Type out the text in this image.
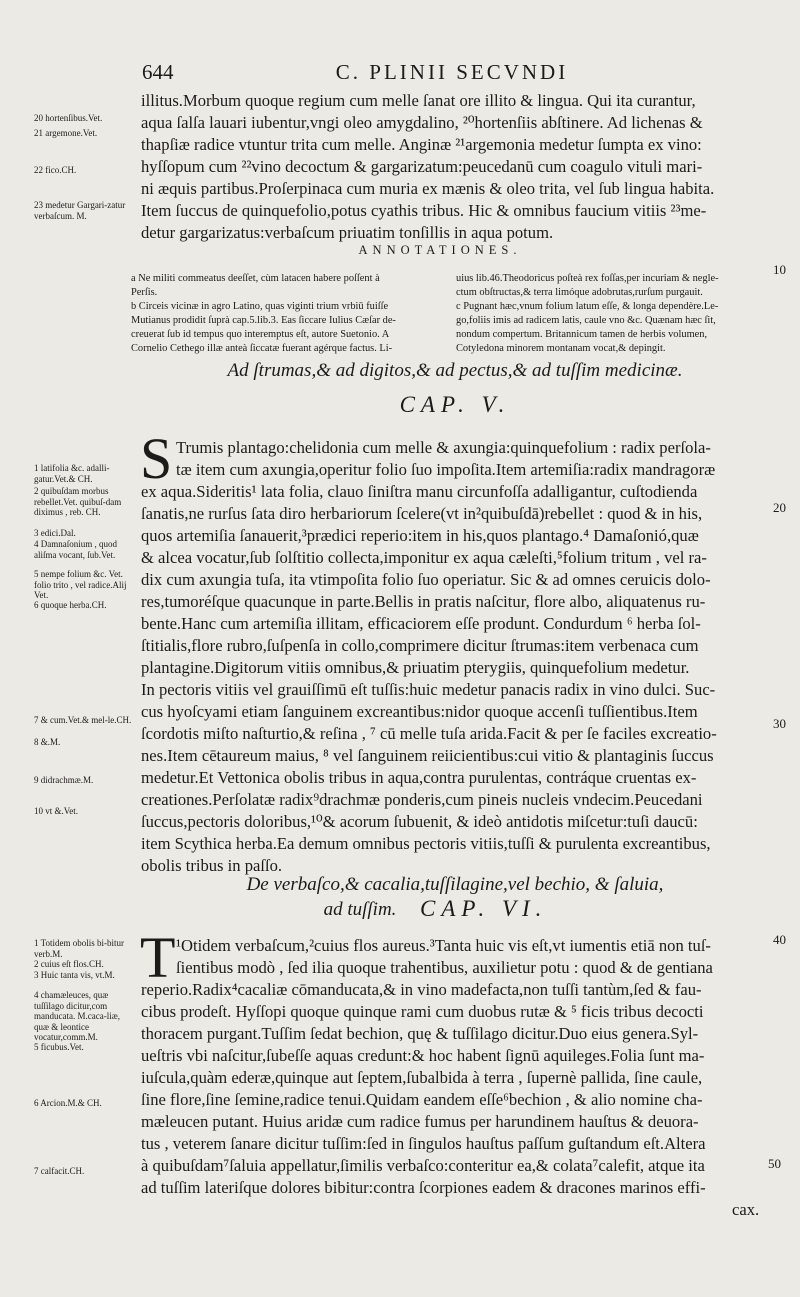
644	C. PLINII SECVNDI
illitus.Morbum quoque regium cum melle ſanat ore illito & lingua. Qui ita curantur,
aqua ſalſa lauari iubentur,vngi oleo amygdalino, ²⁰hortenſiis abſtinere. Ad lichenas &
thapſiæ radice vtuntur trita cum melle. Anginæ ²¹argemonia medetur ſumpta ex vino:
hyſſopum cum ²²vino decoctum & gargarizatum:peucedanū cum coagulo vituli mari-
ni æquis partibus.Proſerpinaca cum muria ex mænis & oleo trita, vel ſub lingua habita.
Item ſuccus de quinquefolio,potus cyathis tribus. Hic & omnibus faucium vitiis ²³me-
detur gargarizatus:verbaſcum priuatim tonſillis in aqua potum.
20 hortenſibus.Vet.
21 argemone.Vet.
22 fico.CH.
23 medetur Gargari-zatur verbaſcum. M.
ANNOTATIONES.
a Ne militi commeatus deeſſet, cùm latacen habere poſſent à
Perſis.
b Circeis vicinæ in agro Latino, quas viginti trium vrbiū fuiſſe
Mutianus prodidit ſuprà cap.5.lib.3. Eas ſiccare Iulius Cæſar de-
creuerat ſub id tempus quo interemptus eſt, autore Suetonio. A
Cornelio Cethego illæ anteà ſiccatæ fuerant agérque factus. Li-
uius lib.46.Theodoricus poſteà rex foſſas,per incuriam & negle-
ctum obſtructas,& terra limóque adobrutas,rurſum purgauit.
c Pugnant hæc,vnum folium latum eſſe, & longa dependère.Le-
go,foliis imis ad radicem latis, caule vno &c. Quænam hæc ſit,
nondum compertum. Britannicum tamen de herbis volumen,
Cotyledona minorem montanam vocat,& depingit.
Ad ſtrumas,& ad digitos,& ad pectus,& ad tuſſim medicinæ.
CAP. V.
S Trumis plantago:chelidonia cum melle & axungia:quinquefolium : radix perſola-
tæ item cum axungia,operitur folio ſuo impoſita.Item artemiſia:radix mandragoræ
ex aqua.Sideritis¹ lata folia, clauo ſiniſtra manu circunfoſſa adalligantur, cuſtodienda
ſanatis,ne rurſus ſata diro herbariorum ſcelere(vt in²quibuſdā)rebellet : quod & in his,
quos artemiſia ſanauerit,³prædici reperio:item in his,quos plantago.⁴ Damaſonió,quæ
& alcea vocatur,ſub ſolſtitio collecta,imponitur ex aqua cæleſti,⁵folium tritum , vel ra-
dix cum axungia tuſa, ita vtimpoſita folio ſuo operiatur. Sic & ad omnes ceruicis dolo-
res,tumoréſque quacunque in parte.Bellis in pratis naſcitur, flore albo, aliquatenus ru-
bente.Hanc cum artemiſia illitam, efficaciorem eſſe produnt. Condurdum ⁶ herba ſol-
ſtitialis,flore rubro,ſuſpenſa in collo,comprimere dicitur ſtrumas:item verbenaca cum
plantagine.Digitorum vitiis omnibus,& priuatim pterygiis, quinquefolium medetur.
In pectoris vitiis vel grauiſſimū eſt tuſſis:huic medetur panacis radix in vino dulci. Suc-
cus hyoſcyami etiam ſanguinem excreantibus:nidor quoque accenſi tuſſientibus.Item
ſcordotis miſto naſturtio,& reſina , ⁷ cū melle tuſa arida.Facit & per ſe faciles excreatio-
nes.Item cētaureum maius, ⁸ vel ſanguinem reiicientibus:cui vitio & plantaginis ſuccus
medetur.Et Vettonica obolis tribus in aqua,contra purulentas, contráque cruentas ex-
creationes.Perſolatæ radix⁹drachmæ ponderis,cum pineis nucleis vndecim.Peucedani
ſuccus,pectoris doloribus,¹⁰& acorum ſubuenit, & ideò antidotis miſcetur:tuſi daucū:
item Scythica herba.Ea demum omnibus pectoris vitiis,tuſſi & purulenta excreantibus,
obolis tribus in paſſo.
1 latifolia &c. adalli-gatur.Vet.& CH.
2 quibuſdam morbus rebellet.Vet. quibuſ-dam diximus , reb. CH.
3 edici.Dal.
4 Damnaſonium , quod aliſma vocant, ſub.Vet.
5 nempe folium &c. Vet. folio trito , vel radice.Alij Vet.
6 quoque herba.CH.
7 & cum.Vet.& mel-le.CH.
8 &.M.
9 didrachmæ.M.
10 vt &.Vet.
De verbaſco,& cacalia,tuſſilagine,vel bechio, & ſaluia,
ad tuſſim.	CAP. VI.
T ¹Otidem verbaſcum,²cuius flos aureus.³Tanta huic vis eſt,vt iumentis etiā non tuſ-
ſientibus modò , ſed ilia quoque trahentibus, auxilietur potu : quod & de gentiana
reperio.Radix⁴cacaliæ cōmanducata,& in vino madefacta,non tuſſi tantùm,ſed & fau-
cibus prodeſt. Hyſſopi quoque quinque rami cum duobus rutæ & ⁵ ficis tribus decocti
thoracem purgant.Tuſſim ſedat bechion, quę & tuſſilago dicitur.Duo eius genera.Syl-
ueſtris vbi naſcitur,ſubeſſe aquas credunt:& hoc habent ſignū aquileges.Folia ſunt ma-
iuſcula,quàm ederæ,quinque aut ſeptem,ſubalbida à terra , ſupernè pallida, ſine caule,
ſine flore,ſine ſemine,radice tenui.Quidam eandem eſſe⁶bechion , & alio nomine cha-
mæleucen putant. Huius aridæ cum radice fumus per harundinem hauſtus & deuora-
tus , veterem ſanare dicitur tuſſim:ſed in ſingulos hauſtus paſſum guſtandum eſt.Altera
à quibuſdam⁷ſaluia appellatur,ſimilis verbaſco:conteritur ea,& colata⁷calefit, atque ita
ad tuſſim lateriſque dolores bibitur:contra ſcorpiones eadem & dracones marinos effi-
cax.
1 Totidem obolis bi-bitur verb.M.
2 cuius eſt flos.CH.
3 Huic tanta vis, vt.M.
4 chamæleuces, quæ tuſſilago dicitur,com manducata. M.caca-liæ, quæ & leontice vocatur,comm.M.
5 ficubus.Vet.
6 Arcion.M.& CH.
7 calfacit.CH.
10
20
30
40
50
